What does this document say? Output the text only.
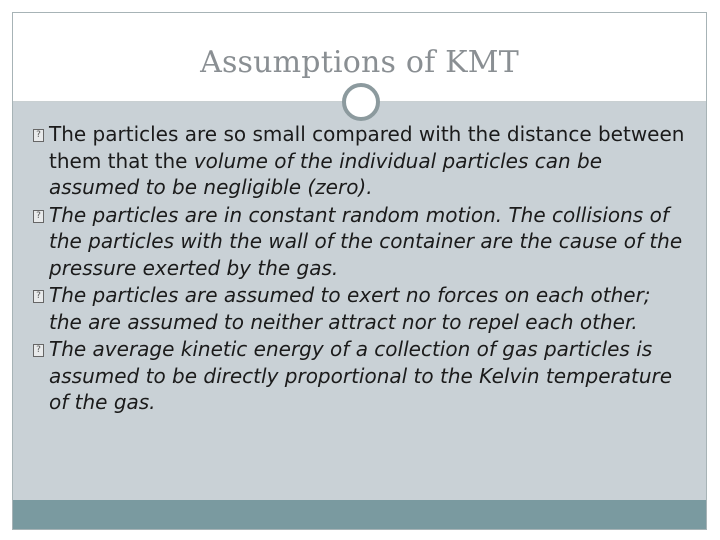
Assumptions of KMT
? The particles are so small compared with the distance between them that the volume of the individual particles can be assumed to be negligible (zero).
? The particles are in constant random motion. The collisions of the particles with the wall of the container are the cause of the pressure exerted by the gas.
? The particles are assumed to exert no forces on each other; the are assumed to neither attract nor to repel each other.
? The average kinetic energy of a collection of gas particles is assumed to be directly proportional to the Kelvin temperature of the gas.
